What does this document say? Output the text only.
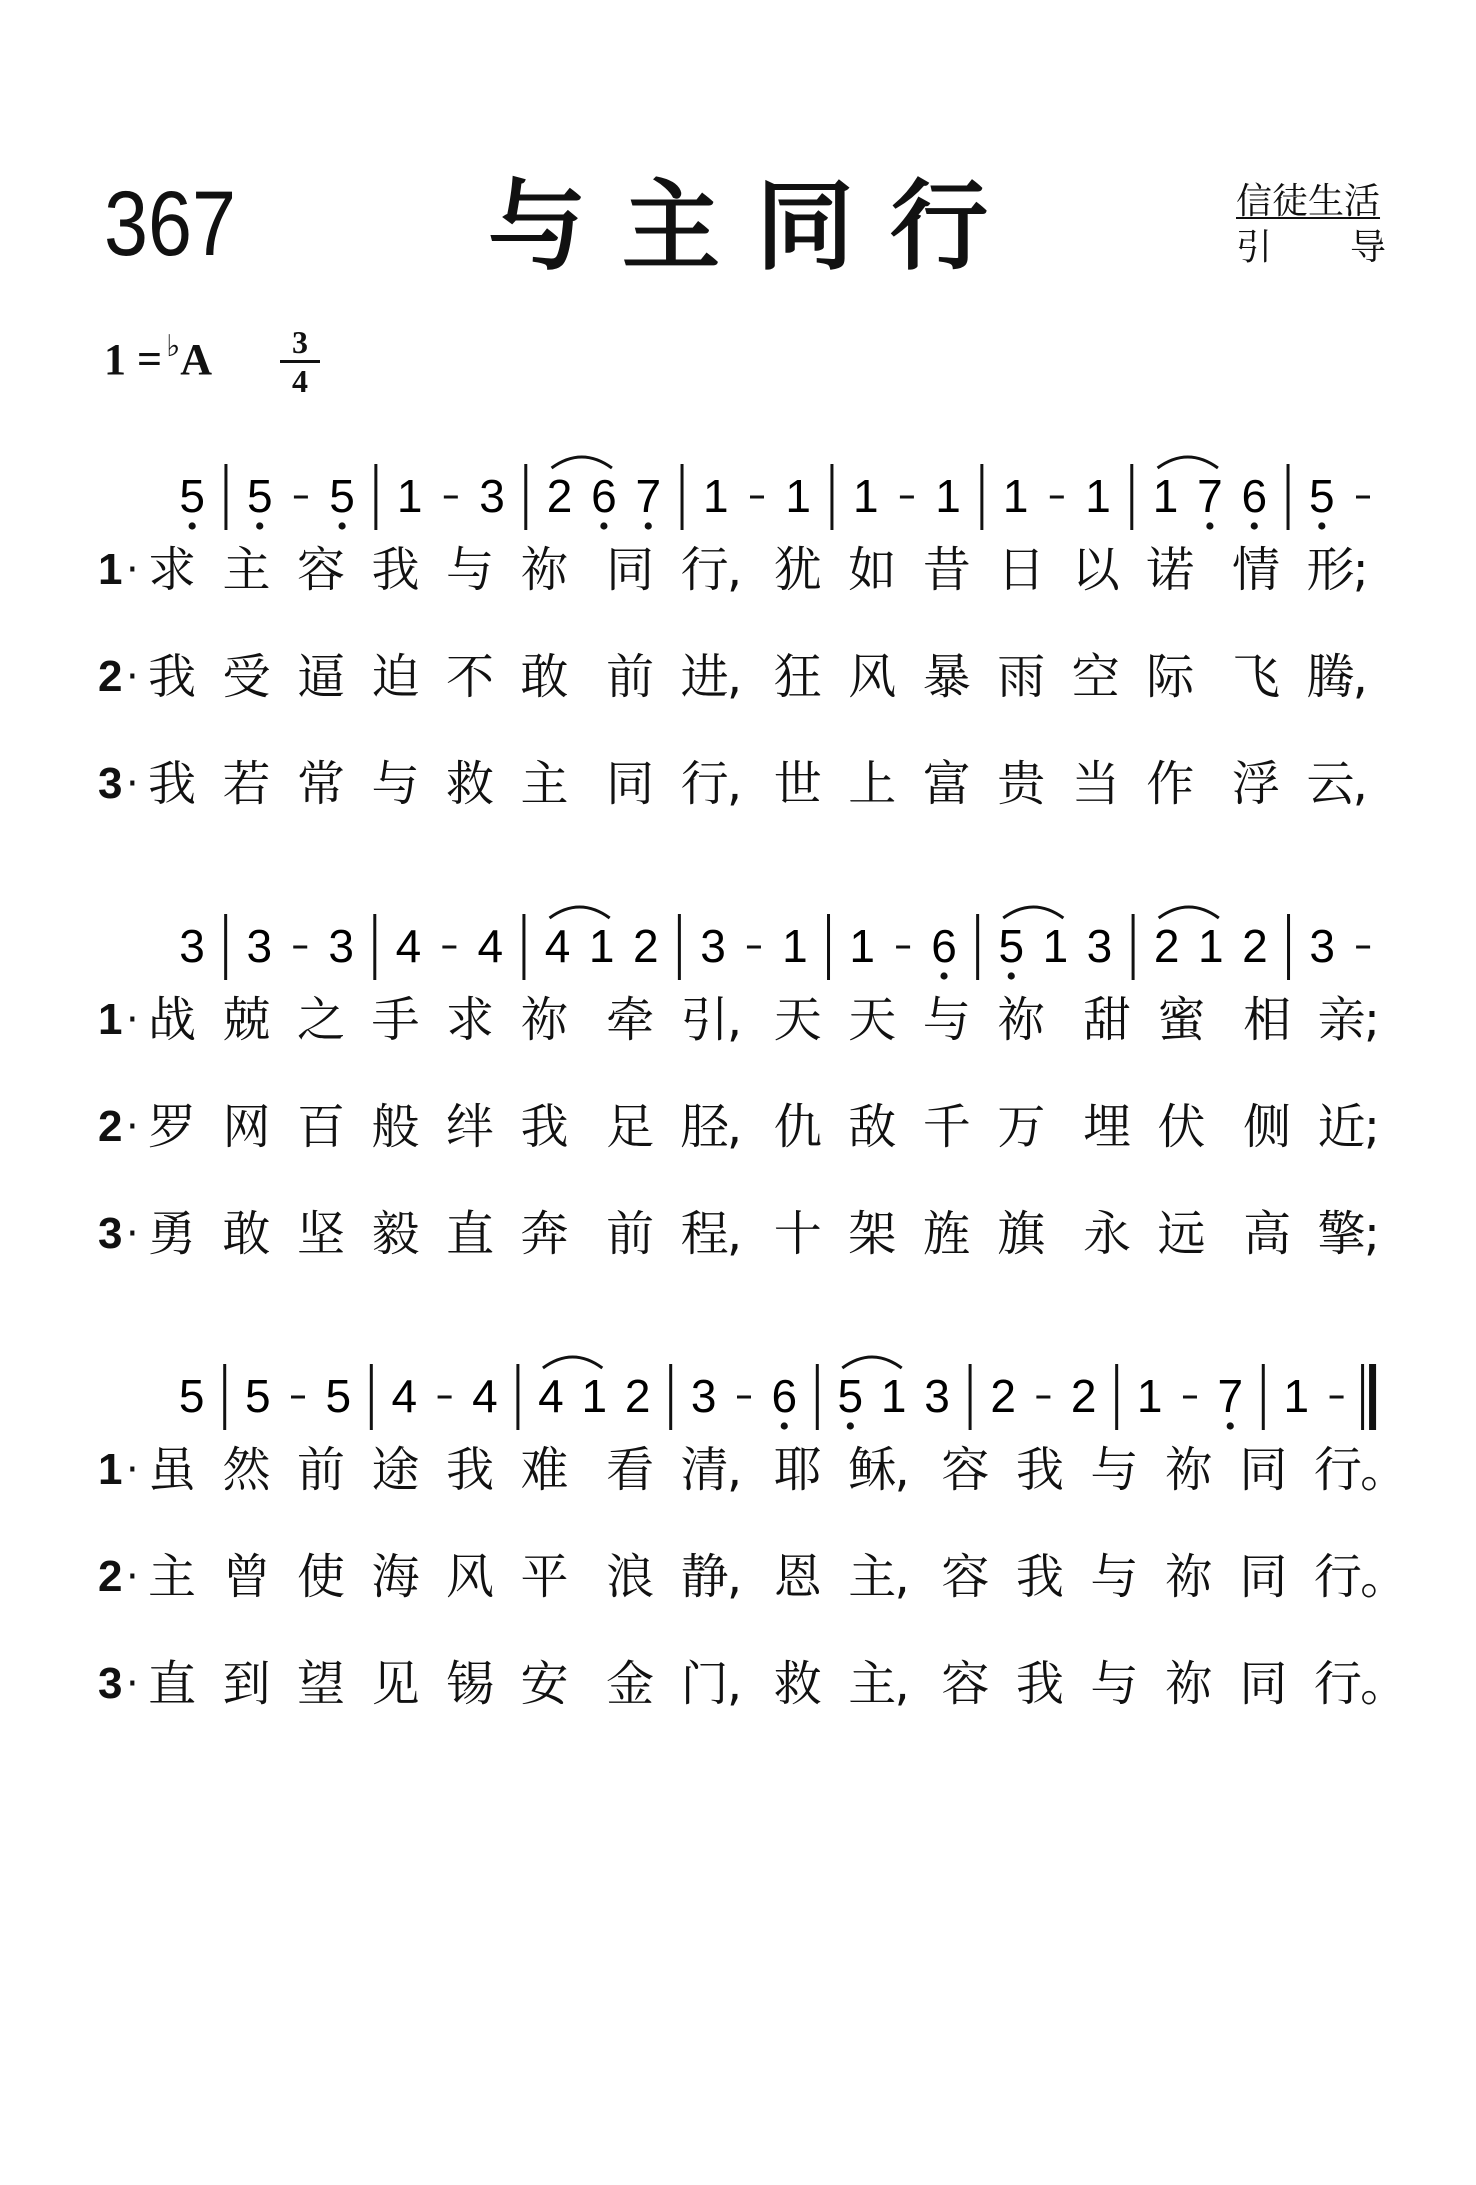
367	与主同行	信徒生活
引 导
$1 = ^♭A \frac{3}{4}$
5 5 5 1 3 2 6 7 1 1 1 1 1 1 1 7 6 5
1 · 求 主 容 我 与 祢 同 行
, 犹 如 昔 日 以 诺 情 形
;
2 · 我 受 逼 迫 不 敢 前 进
, 狂 风 暴 雨 空 际 飞 腾
,
3 · 我 若 常 与 救 主 同 行
, 世 上 富 贵 当 作 浮 云
,
3 3 3 4 4 4 1 2 3 1 1 6 5 1 3 2 1 2 3
1 · 战 兢 之 手 求 祢 牵 引
, 天 天 与 祢 甜 蜜 相 亲
;
2 · 罗 网 百 般 绊 我 足 胫
, 仇 敌 千 万 埋 伏 侧 近
;
3 · 勇 敢 坚 毅 直 奔 前 程
, 十 架 旌 旗 永 远 高 擎
;
5 5 5 4 4 4 1 2 3 6 5 1 3 2 2 1 7 1
1 · 虽 然 前 途 我 难 看 清
, 耶 稣
, 容 我 与 祢 同 行
。
2 · 主 曾 使 海 风 平 浪 静
, 恩 主
, 容 我 与 祢 同 行
。
3 · 直 到 望 见 锡 安 金 门
, 救 主
, 容 我 与 祢 同 行
。
